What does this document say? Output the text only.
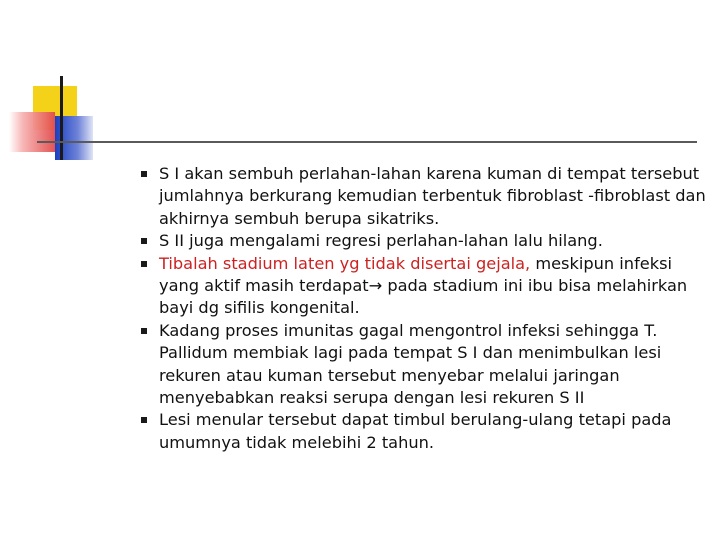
S I akan sembuh perlahan-lahan karena kuman di tempat tersebut jumlahnya berkurang kemudian terbentuk fibroblast -fibroblast dan akhirnya sembuh berupa sikatriks.
S II juga mengalami regresi perlahan-lahan lalu hilang.
Tibalah stadium laten yg tidak disertai gejala, meskipun infeksi yang aktif masih terdapat→ pada stadium ini ibu bisa melahirkan bayi dg sifilis kongenital.
Kadang proses imunitas gagal mengontrol infeksi sehingga T. Pallidum membiak lagi pada tempat S I dan menimbulkan lesi rekuren atau kuman tersebut menyebar melalui jaringan menyebabkan reaksi serupa dengan lesi rekuren S II
Lesi menular tersebut dapat timbul berulang-ulang tetapi pada umumnya tidak melebihi 2 tahun.
